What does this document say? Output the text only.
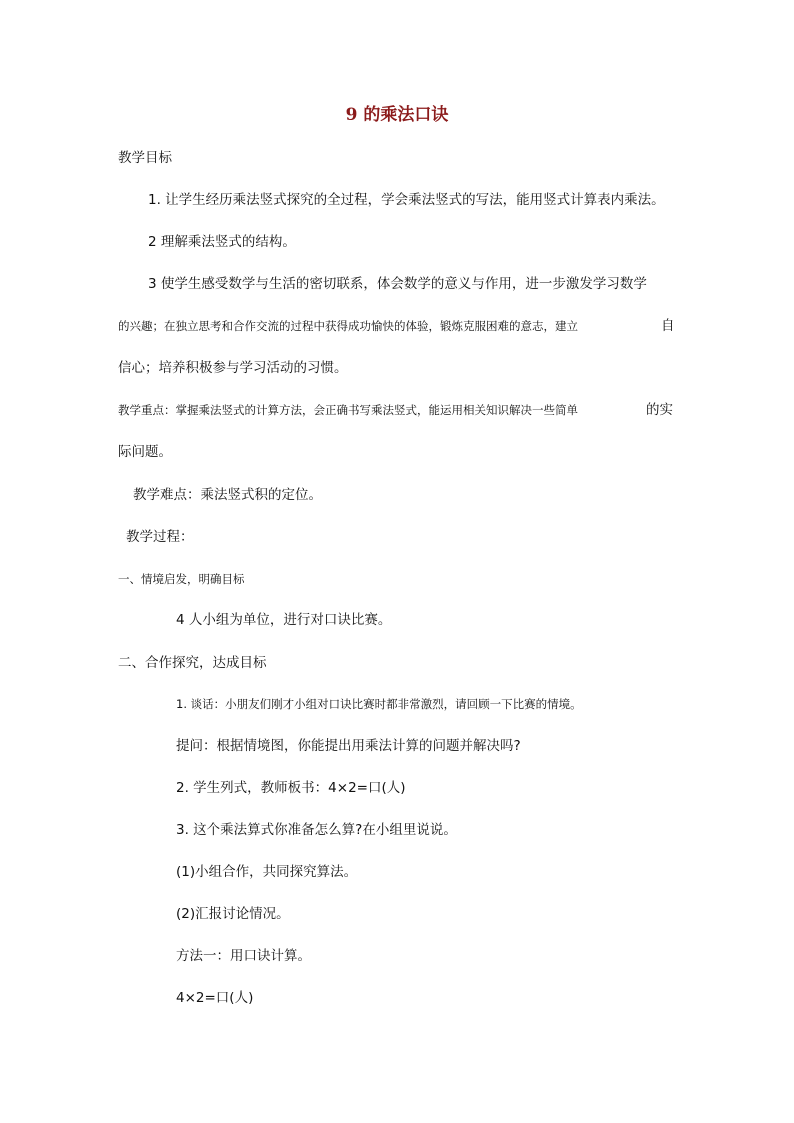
9 的乘法口诀
教学目标
1. 让学生经历乘法竖式探究的全过程，学会乘法竖式的写法，能用竖式计算表内乘法。
2 理解乘法竖式的结构。
3 使学生感受数学与生活的密切联系，体会数学的意义与作用，进一步激发学习数学
的兴趣；在独立思考和合作交流的过程中获得成功愉快的体验，锻炼克服困难的意志，建立	自
信心；培养积极参与学习活动的习惯。
教学重点：掌握乘法竖式的计算方法，会正确书写乘法竖式，能运用相关知识解决一些简单	的实
际问题。
教学难点：乘法竖式积的定位。
教学过程：
一、情境启发，明确目标
4 人小组为单位，进行对口诀比赛。
二、合作探究，达成目标
1. 谈话：小朋友们刚才小组对口诀比赛时都非常激烈，请回顾一下比赛的情境。
提问：根据情境图，你能提出用乘法计算的问题并解决吗?
2. 学生列式，教师板书：4×2=口(人)
3. 这个乘法算式你准备怎么算?在小组里说说。
(1)小组合作，共同探究算法。
(2)汇报讨论情况。
方法一：用口诀计算。
4×2=口(人)
